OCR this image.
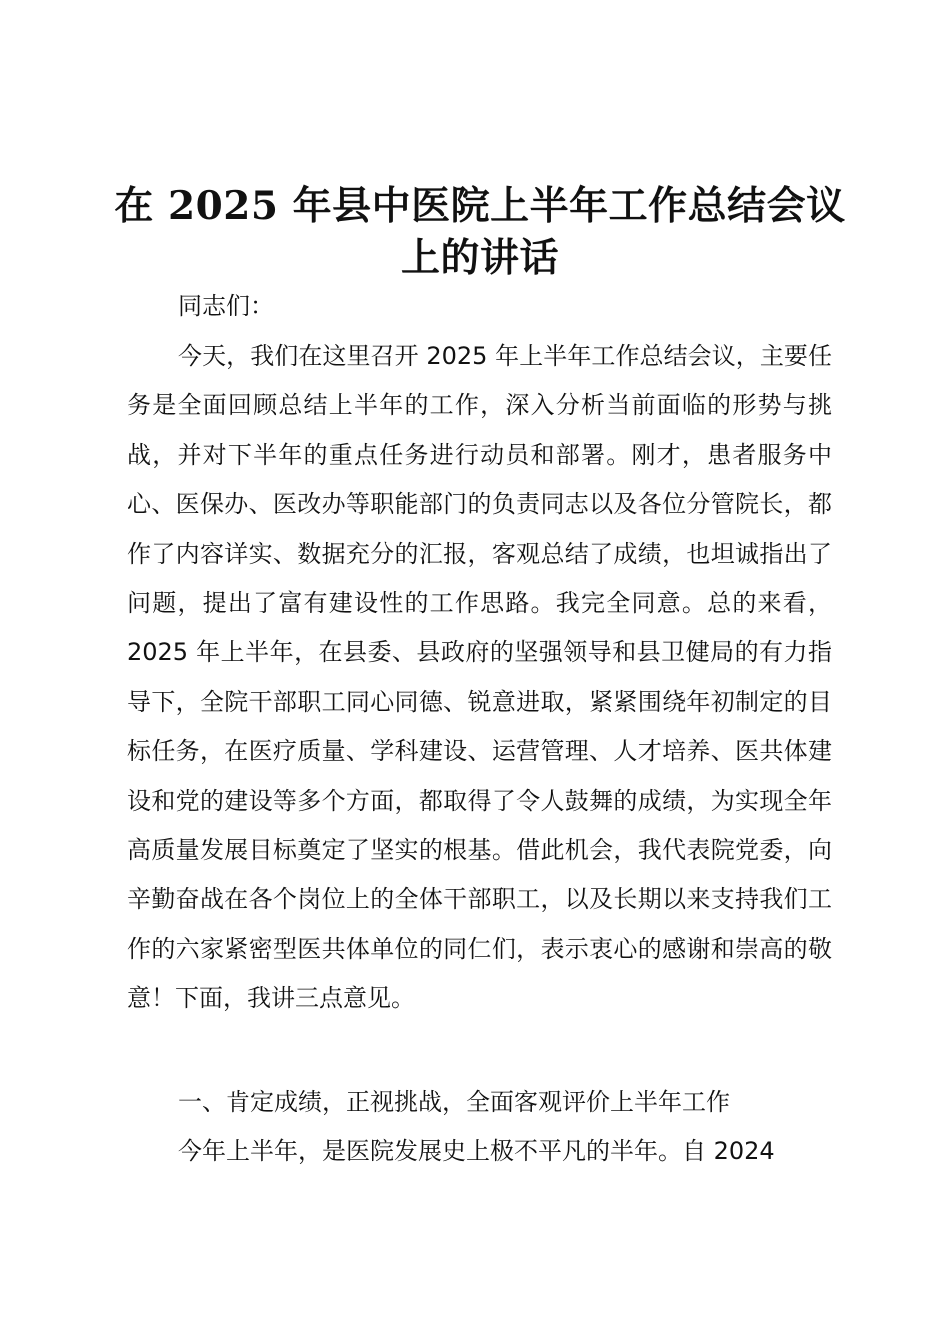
在 2025 年县中医院上半年工作总结会议上的讲话

同志们：

今天，我们在这里召开 2025 年上半年工作总结会议，主要任务是全面回顾总结上半年的工作，深入分析当前面临的形势与挑战，并对下半年的重点任务进行动员和部署。刚才，患者服务中心、医保办、医改办等职能部门的负责同志以及各位分管院长，都作了内容详实、数据充分的汇报，客观总结了成绩，也坦诚指出了问题，提出了富有建设性的工作思路。我完全同意。总的来看，2025 年上半年，在县委、县政府的坚强领导和县卫健局的有力指导下，全院干部职工同心同德、锐意进取，紧紧围绕年初制定的目标任务，在医疗质量、学科建设、运营管理、人才培养、医共体建设和党的建设等多个方面，都取得了令人鼓舞的成绩，为实现全年高质量发展目标奠定了坚实的根基。借此机会，我代表院党委，向辛勤奋战在各个岗位上的全体干部职工，以及长期以来支持我们工作的六家紧密型医共体单位的同仁们，表示衷心的感谢和崇高的敬意！下面，我讲三点意见。

一、肯定成绩，正视挑战，全面客观评价上半年工作

今年上半年，是医院发展史上极不平凡的半年。自 2024
